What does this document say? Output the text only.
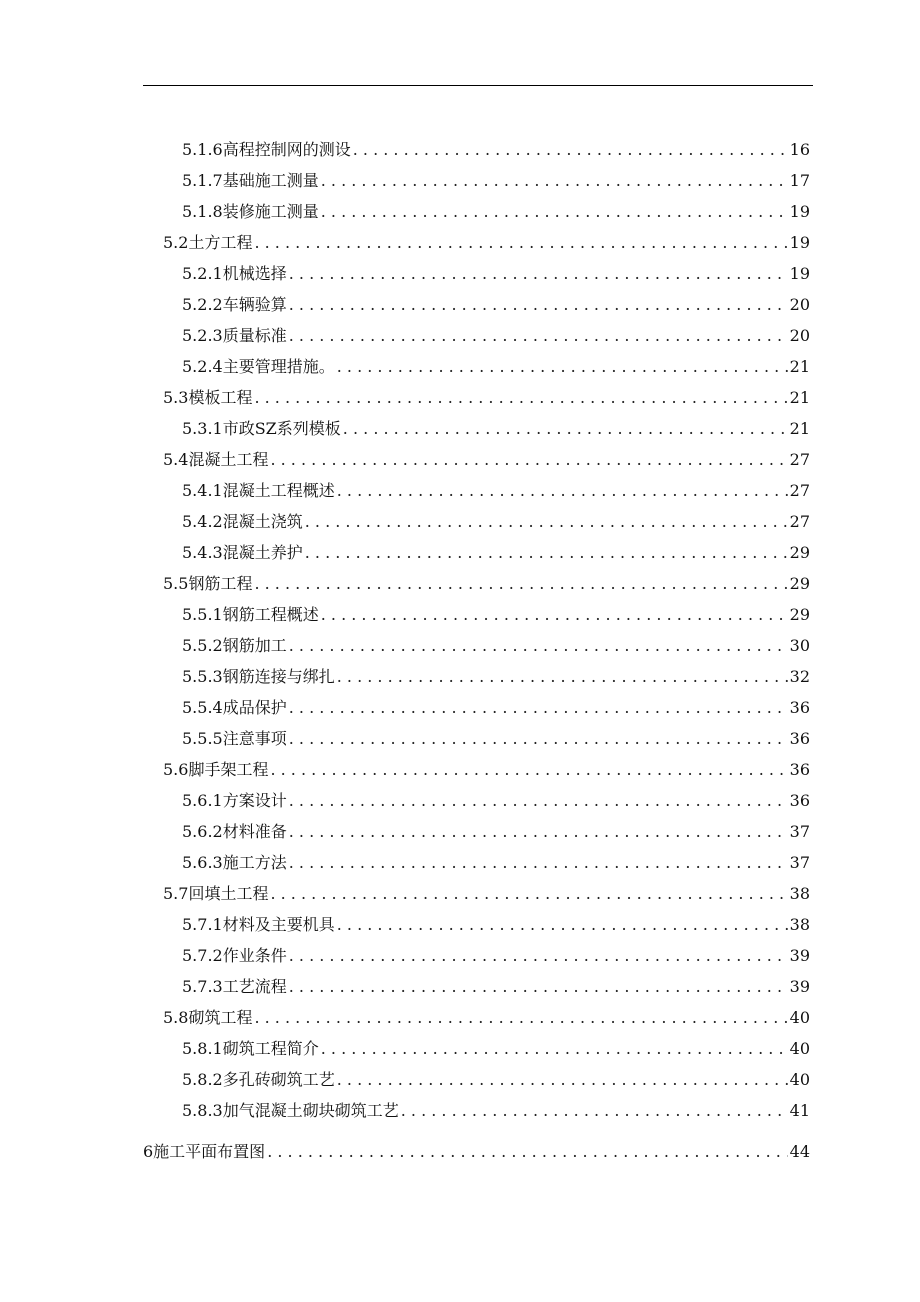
5.1.6高程控制网的测设 . . .	16
5.1.7基础施工测量 . . .	17
5.1.8装修施工测量 . . .	19
5.2土方工程 . . .	19
5.2.1机械选择 . . .	19
5.2.2车辆验算 . . .	20
5.2.3质量标准 . . .	20
5.2.4主要管理措施。 . . .	21
5.3模板工程 . . .	21
5.3.1市政SZ系列模板 . . .	21
5.4混凝土工程 . . .	27
5.4.1混凝土工程概述 . . .	27
5.4.2混凝土浇筑 . . .	27
5.4.3混凝土养护 . . .	29
5.5钢筋工程 . . .	29
5.5.1钢筋工程概述 . . .	29
5.5.2钢筋加工 . . .	30
5.5.3钢筋连接与绑扎 . . .	32
5.5.4成品保护 . . .	36
5.5.5注意事项 . . .	36
5.6脚手架工程 . . .	36
5.6.1方案设计 . . .	36
5.6.2材料准备 . . .	37
5.6.3施工方法 . . .	37
5.7回填土工程 . . .	38
5.7.1材料及主要机具 . . .	38
5.7.2作业条件 . . .	39
5.7.3工艺流程 . . .	39
5.8砌筑工程 . . .	40
5.8.1砌筑工程简介 . . .	40
5.8.2多孔砖砌筑工艺 . . .	40
5.8.3加气混凝土砌块砌筑工艺 . . .	41
6施工平面布置图 . . .	44
